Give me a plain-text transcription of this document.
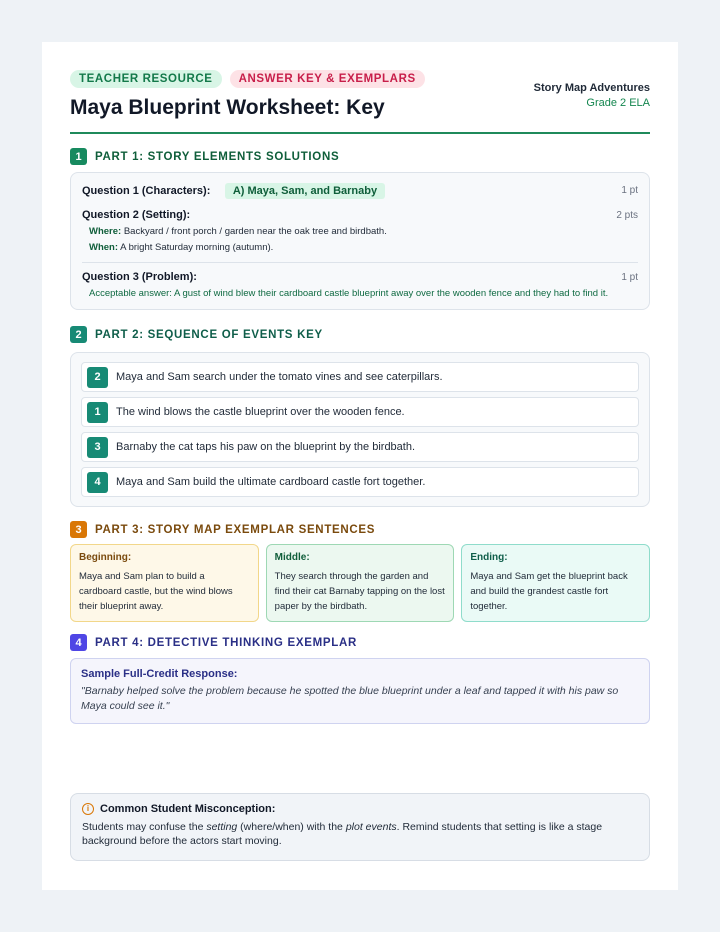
TEACHER RESOURCE	ANSWER KEY & EXEMPLARS
Maya Blueprint Worksheet: Key
Story Map Adventures
Grade 2 ELA
1	PART 1: STORY ELEMENTS SOLUTIONS
Question 1 (Characters): A) Maya, Sam, and Barnaby	1 pt
Question 2 (Setting):	2 pts
Where: Backyard / front porch / garden near the oak tree and birdbath.
When: A bright Saturday morning (autumn).
Question 3 (Problem):	1 pt
Acceptable answer: A gust of wind blew their cardboard castle blueprint away over the wooden fence and they had to find it.
2	PART 2: SEQUENCE OF EVENTS KEY
2	Maya and Sam search under the tomato vines and see caterpillars.
1	The wind blows the castle blueprint over the wooden fence.
3	Barnaby the cat taps his paw on the blueprint by the birdbath.
4	Maya and Sam build the ultimate cardboard castle fort together.
3	PART 3: STORY MAP EXEMPLAR SENTENCES
Beginning:
Maya and Sam plan to build a cardboard castle, but the wind blows their blueprint away.
Middle:
They search through the garden and find their cat Barnaby tapping on the lost paper by the birdbath.
Ending:
Maya and Sam get the blueprint back and build the grandest castle fort together.
4	PART 4: DETECTIVE THINKING EXEMPLAR
Sample Full-Credit Response:
"Barnaby helped solve the problem because he spotted the blue blueprint under a leaf and tapped it with his paw so Maya could see it."
i Common Student Misconception:
Students may confuse the setting (where/when) with the plot events. Remind students that setting is like a stage background before the actors start moving.
